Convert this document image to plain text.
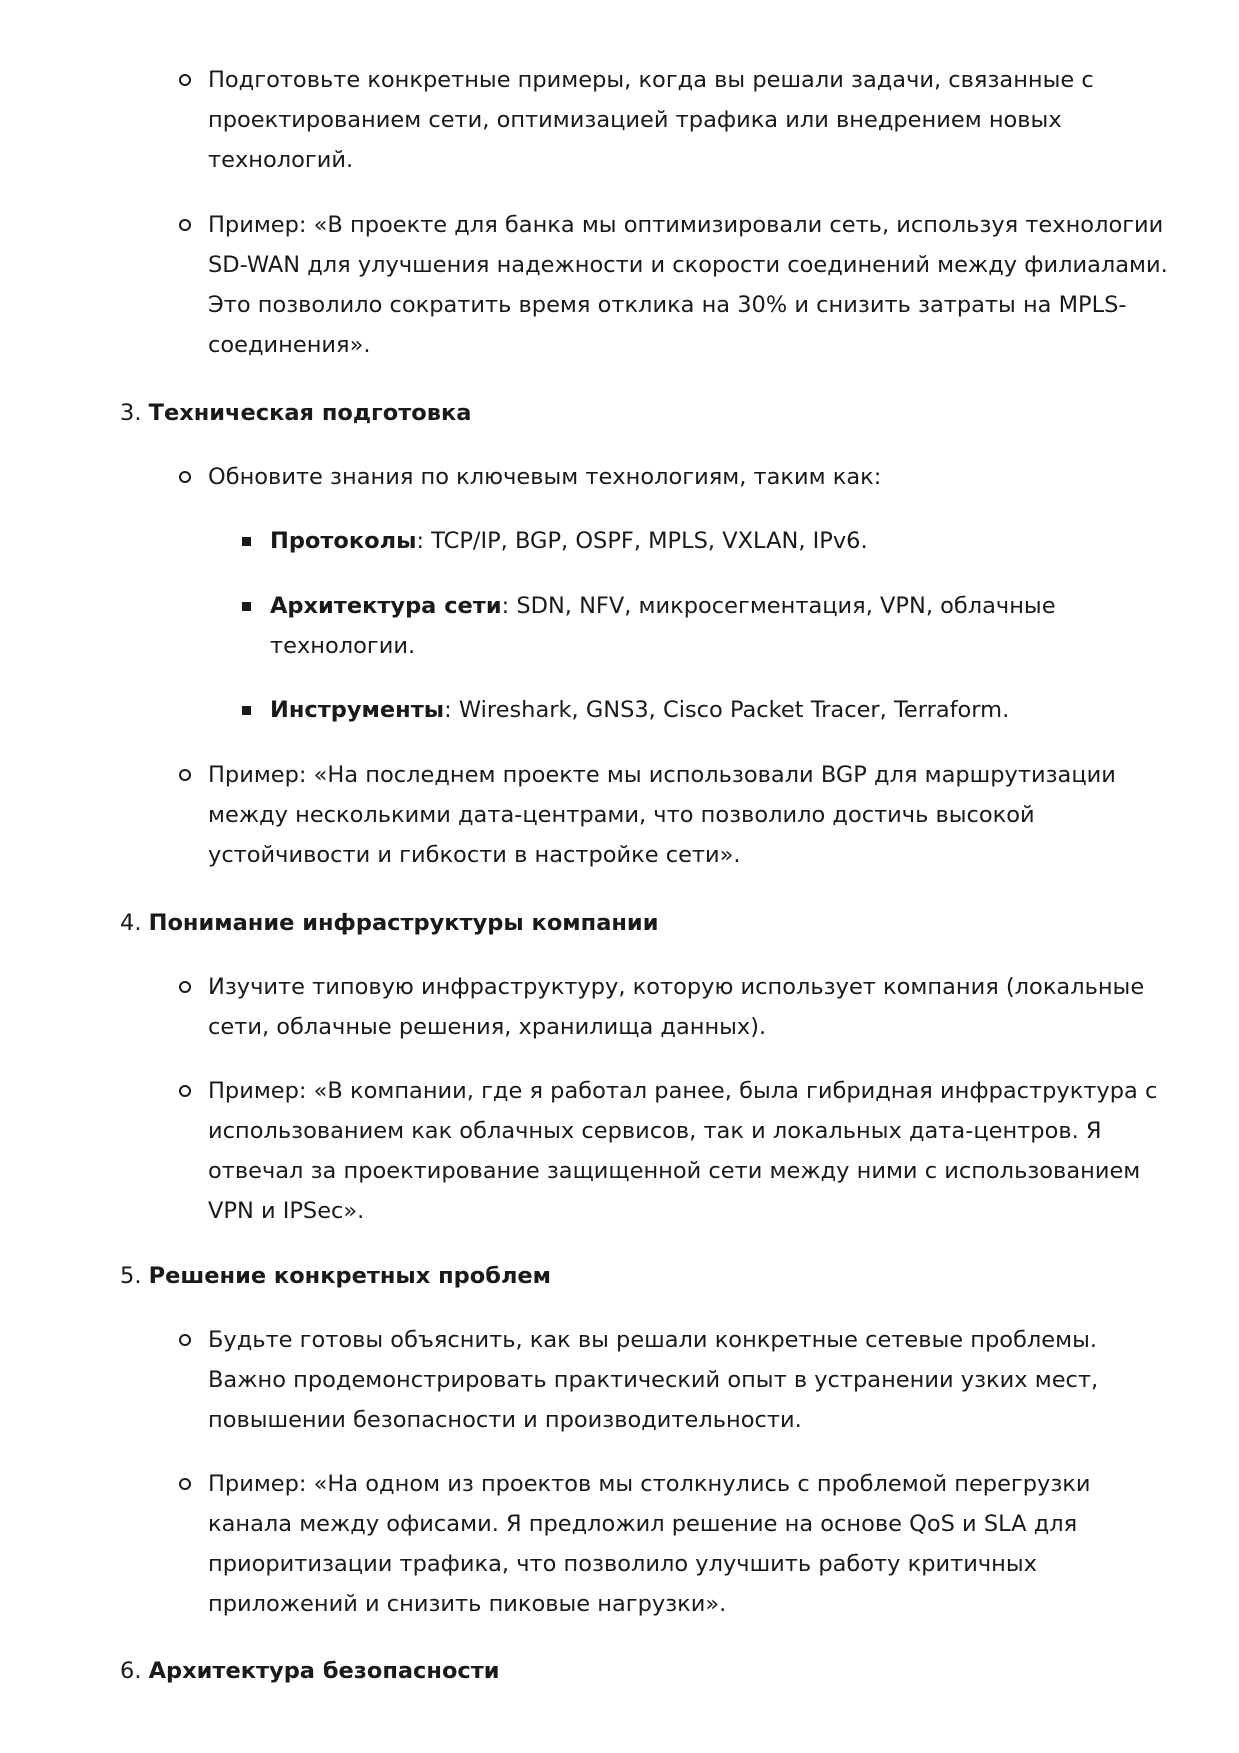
Подготовьте конкретные примеры, когда вы решали задачи, связанные с проектированием сети, оптимизацией трафика или внедрением новых технологий.

Пример: «В проекте для банка мы оптимизировали сеть, используя технологии SD-WAN для улучшения надежности и скорости соединений между филиалами. Это позволило сократить время отклика на 30% и снизить затраты на MPLS-соединения».

3. Техническая подготовка

Обновите знания по ключевым технологиям, таким как:

Протоколы: TCP/IP, BGP, OSPF, MPLS, VXLAN, IPv6.

Архитектура сети: SDN, NFV, микросегментация, VPN, облачные технологии.

Инструменты: Wireshark, GNS3, Cisco Packet Tracer, Terraform.

Пример: «На последнем проекте мы использовали BGP для маршрутизации между несколькими дата-центрами, что позволило достичь высокой устойчивости и гибкости в настройке сети».

4. Понимание инфраструктуры компании

Изучите типовую инфраструктуру, которую использует компания (локальные сети, облачные решения, хранилища данных).

Пример: «В компании, где я работал ранее, была гибридная инфраструктура с использованием как облачных сервисов, так и локальных дата-центров. Я отвечал за проектирование защищенной сети между ними с использованием VPN и IPSec».

5. Решение конкретных проблем

Будьте готовы объяснить, как вы решали конкретные сетевые проблемы. Важно продемонстрировать практический опыт в устранении узких мест, повышении безопасности и производительности.

Пример: «На одном из проектов мы столкнулись с проблемой перегрузки канала между офисами. Я предложил решение на основе QoS и SLA для приоритизации трафика, что позволило улучшить работу критичных приложений и снизить пиковые нагрузки».

6. Архитектура безопасности
